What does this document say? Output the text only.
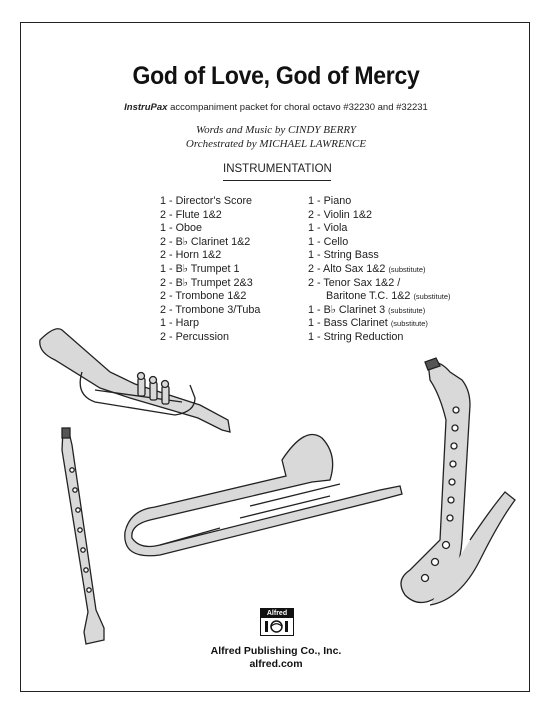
God of Love, God of Mercy
InstruPax accompaniment packet for choral octavo #32230 and #32231
Words and Music by CINDY BERRY
Orchestrated by MICHAEL LAWRENCE
INSTRUMENTATION
1 - Director's Score
2 - Flute 1&2
1 - Oboe
2 - B♭ Clarinet 1&2
2 - Horn 1&2
1 - B♭ Trumpet 1
2 - B♭ Trumpet 2&3
2 - Trombone 1&2
2 - Trombone 3/Tuba
1 - Harp
2 - Percussion
1 - Piano
2 - Violin 1&2
1 - Viola
1 - Cello
1 - String Bass
2 - Alto Sax 1&2 (substitute)
2 - Tenor Sax 1&2 /
Baritone T.C. 1&2 (substitute)
1 - B♭ Clarinet 3 (substitute)
1 - Bass Clarinet (substitute)
1 - String Reduction
Alfred
Alfred Publishing Co., Inc.
alfred.com
